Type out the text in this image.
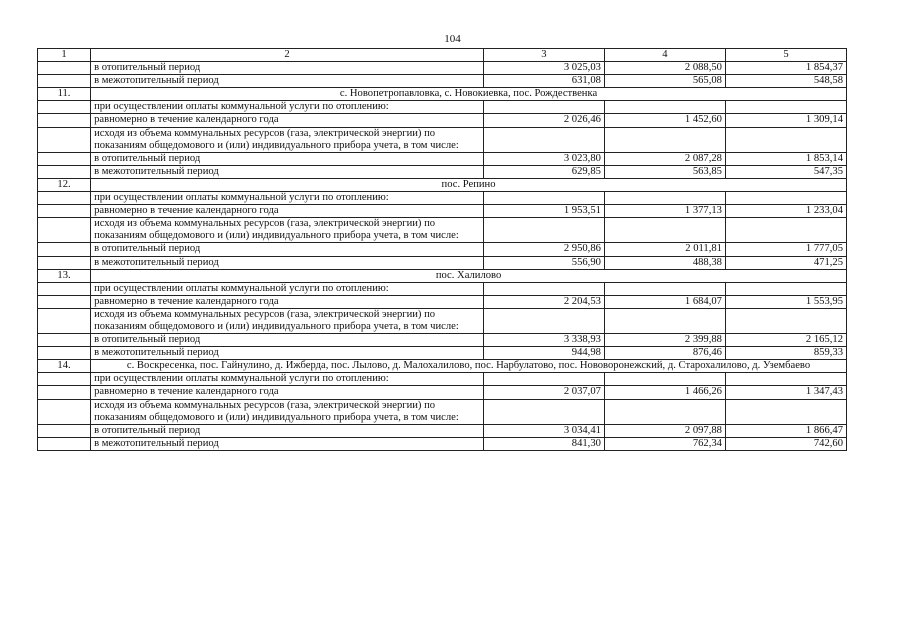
104
1	2	3	4	5
	в отопительный период	3 025,03	2 088,50	1 854,37
	в межотопительный период	631,08	565,08	548,58
11.	с. Новопетропавловка, с. Новокиевка, пос. Рождественка			
	при осуществлении оплаты коммунальной услуги по отоплению:			
	равномерно в течение календарного года	2 026,46	1 452,60	1 309,14
	исходя из объема коммунальных ресурсов (газа, электрической энергии) по показаниям общедомового и (или) индивидуального прибора учета, в том числе:			
	в отопительный период	3 023,80	2 087,28	1 853,14
	в межотопительный период	629,85	563,85	547,35
12.	пос. Репино			
	при осуществлении оплаты коммунальной услуги по отоплению:			
	равномерно в течение календарного года	1 953,51	1 377,13	1 233,04
	исходя из объема коммунальных ресурсов (газа, электрической энергии) по показаниям общедомового и (или) индивидуального прибора учета, в том числе:			
	в отопительный период	2 950,86	2 011,81	1 777,05
	в межотопительный период	556,90	488,38	471,25
13.	пос. Халилово			
	при осуществлении оплаты коммунальной услуги по отоплению:			
	равномерно в течение календарного года	2 204,53	1 684,07	1 553,95
	исходя из объема коммунальных ресурсов (газа, электрической энергии) по показаниям общедомового и (или) индивидуального прибора учета, в том числе:			
	в отопительный период	3 338,93	2 399,88	2 165,12
	в межотопительный период	944,98	876,46	859,33
14.	с. Воскресенка, пос. Гайнулино, д. Ижберда, пос. Лылово, д. Малохалилово, пос. Нарбулатово, пос. Нововоронежский, д. Старохалилово, д. Узембаево			
	при осуществлении оплаты коммунальной услуги по отоплению:			
	равномерно в течение календарного года	2 037,07	1 466,26	1 347,43
	исходя из объема коммунальных ресурсов (газа, электрической энергии) по показаниям общедомового и (или) индивидуального прибора учета, в том числе:			
	в отопительный период	3 034,41	2 097,88	1 866,47
	в межотопительный период	841,30	762,34	742,60
